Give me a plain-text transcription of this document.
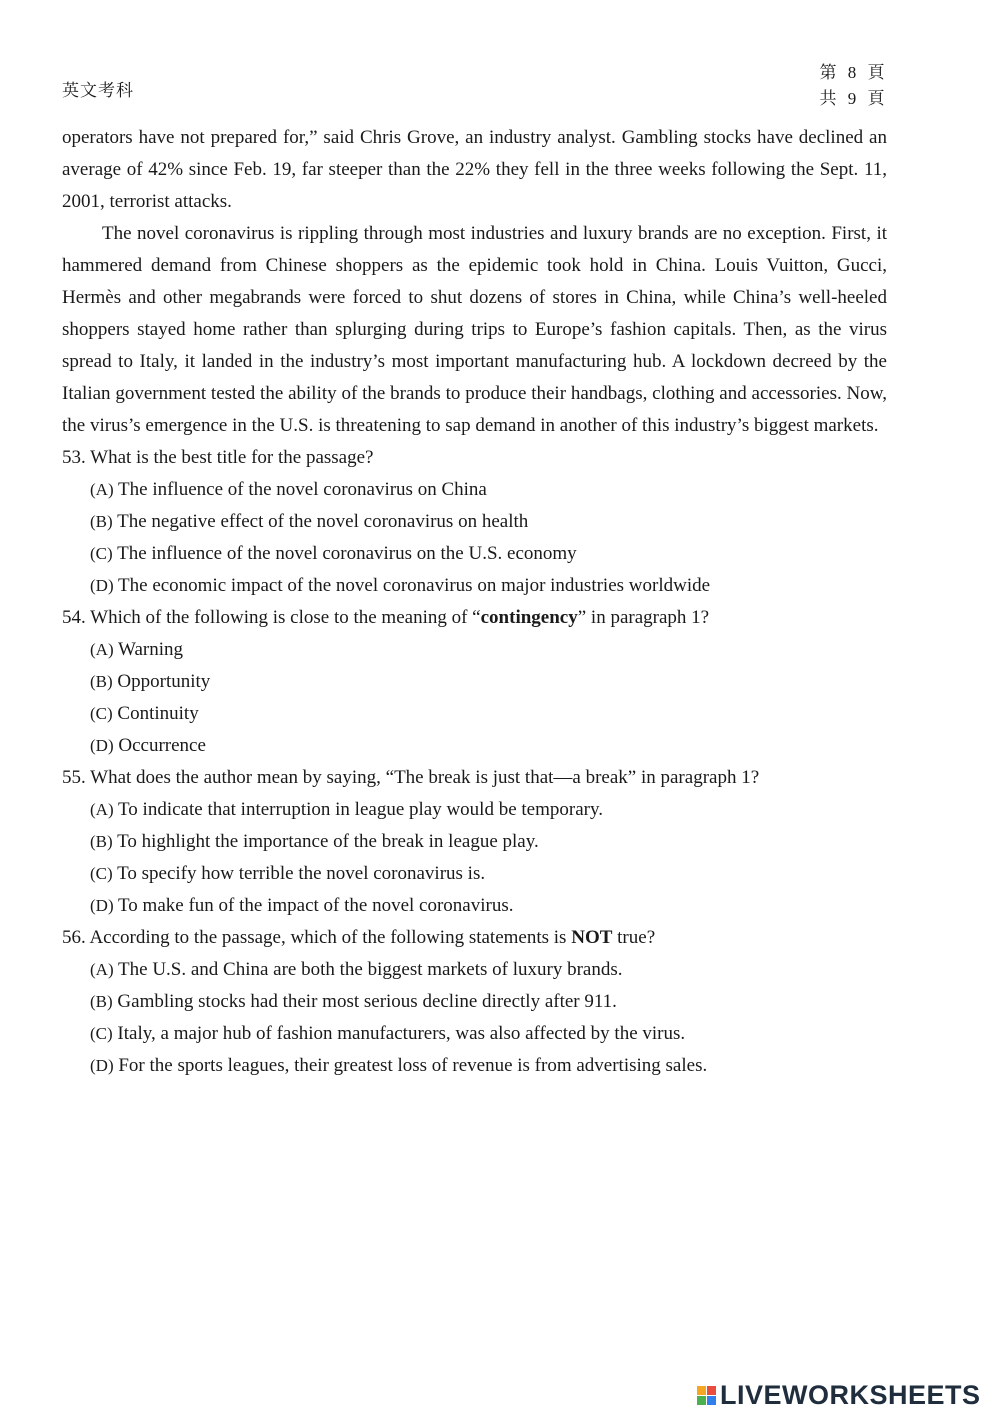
英文考科
第 8 頁
共 9 頁

operators have not prepared for,” said Chris Grove, an industry analyst. Gambling stocks have declined an average of 42% since Feb. 19, far steeper than the 22% they fell in the three weeks following the Sept. 11, 2001, terrorist attacks.

The novel coronavirus is rippling through most industries and luxury brands are no exception. First, it hammered demand from Chinese shoppers as the epidemic took hold in China. Louis Vuitton, Gucci, Hermès and other megabrands were forced to shut dozens of stores in China, while China’s well-heeled shoppers stayed home rather than splurging during trips to Europe’s fashion capitals. Then, as the virus spread to Italy, it landed in the industry’s most important manufacturing hub. A lockdown decreed by the Italian government tested the ability of the brands to produce their handbags, clothing and accessories. Now, the virus’s emergence in the U.S. is threatening to sap demand in another of this industry’s biggest markets.

53. What is the best title for the passage?

(A) The influence of the novel coronavirus on China

(B) The negative effect of the novel coronavirus on health

(C) The influence of the novel coronavirus on the U.S. economy

(D) The economic impact of the novel coronavirus on major industries worldwide

54. Which of the following is close to the meaning of “contingency” in paragraph 1?

(A) Warning

(B) Opportunity

(C) Continuity

(D) Occurrence

55. What does the author mean by saying, “The break is just that—a break” in paragraph 1?

(A) To indicate that interruption in league play would be temporary.

(B) To highlight the importance of the break in league play.

(C) To specify how terrible the novel coronavirus is.

(D) To make fun of the impact of the novel coronavirus.

56. According to the passage, which of the following statements is NOT true?

(A) The U.S. and China are both the biggest markets of luxury brands.

(B) Gambling stocks had their most serious decline directly after 911.

(C) Italy, a major hub of fashion manufacturers, was also affected by the virus.

(D) For the sports leagues, their greatest loss of revenue is from advertising sales.

LIVEWORKSHEETS
